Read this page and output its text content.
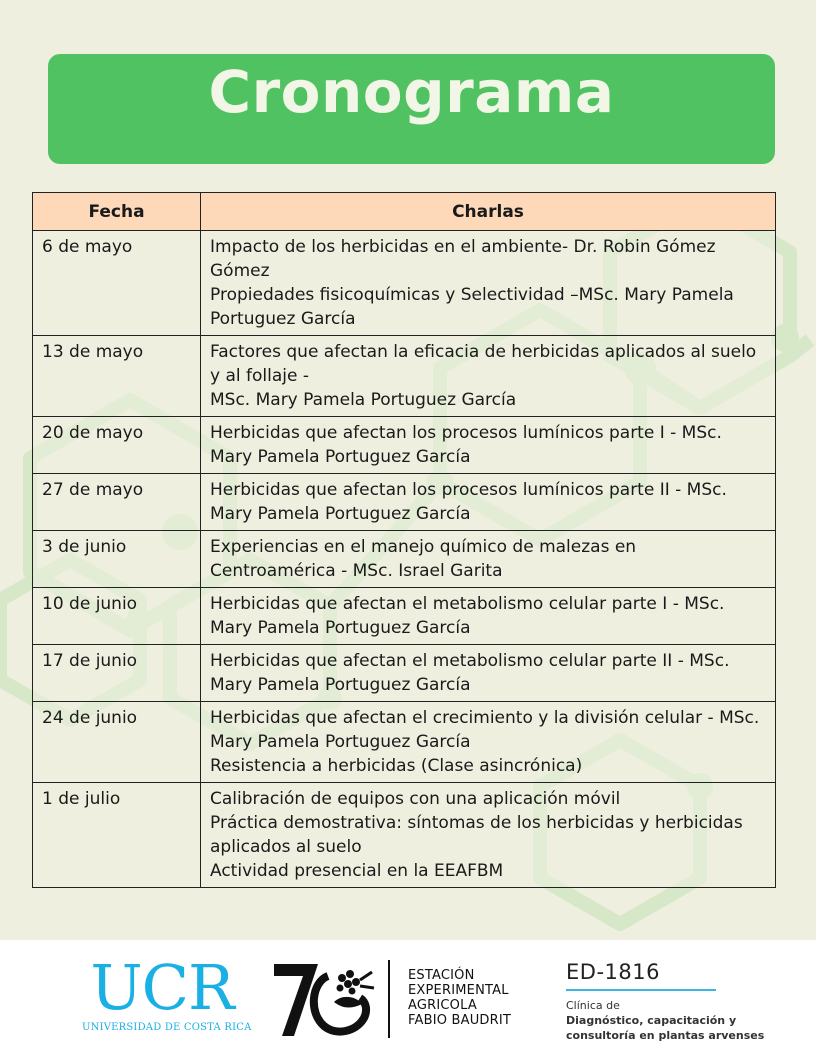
Cronograma
Fecha	Charlas
6 de mayo	Impacto de los herbicidas en el ambiente- Dr. Robin Gómez Gómez
Propiedades fisicoquímicas y Selectividad –MSc. Mary Pamela Portuguez García

13 de mayo	Factores que afectan la eficacia de herbicidas aplicados al suelo y al follaje -
MSc. Mary Pamela Portuguez García

20 de mayo	Herbicidas que afectan los procesos lumínicos parte I - MSc. Mary Pamela Portuguez García

27 de mayo	Herbicidas que afectan los procesos lumínicos parte II - MSc. Mary Pamela Portuguez García

3 de junio	Experiencias en el manejo químico de malezas en Centroamérica - MSc. Israel Garita

10 de junio	Herbicidas que afectan el metabolismo celular parte I - MSc. Mary Pamela Portuguez García

17 de junio	Herbicidas que afectan el metabolismo celular parte II - MSc. Mary Pamela Portuguez García

24 de junio	Herbicidas que afectan el crecimiento y la división celular - MSc. Mary Pamela Portuguez García
Resistencia a herbicidas (Clase asincrónica)

1 de julio	Calibración de equipos con una aplicación móvil
Práctica demostrativa: síntomas de los herbicidas y herbicidas aplicados al suelo
Actividad presencial en la EEAFBM
UCR
UNIVERSIDAD DE COSTA RICA
ESTACIÓN
EXPERIMENTAL
AGRICOLA
FABIO BAUDRIT
ED-1816
Clínica de
Diagnóstico, capacitación y
consultoría en plantas arvenses
